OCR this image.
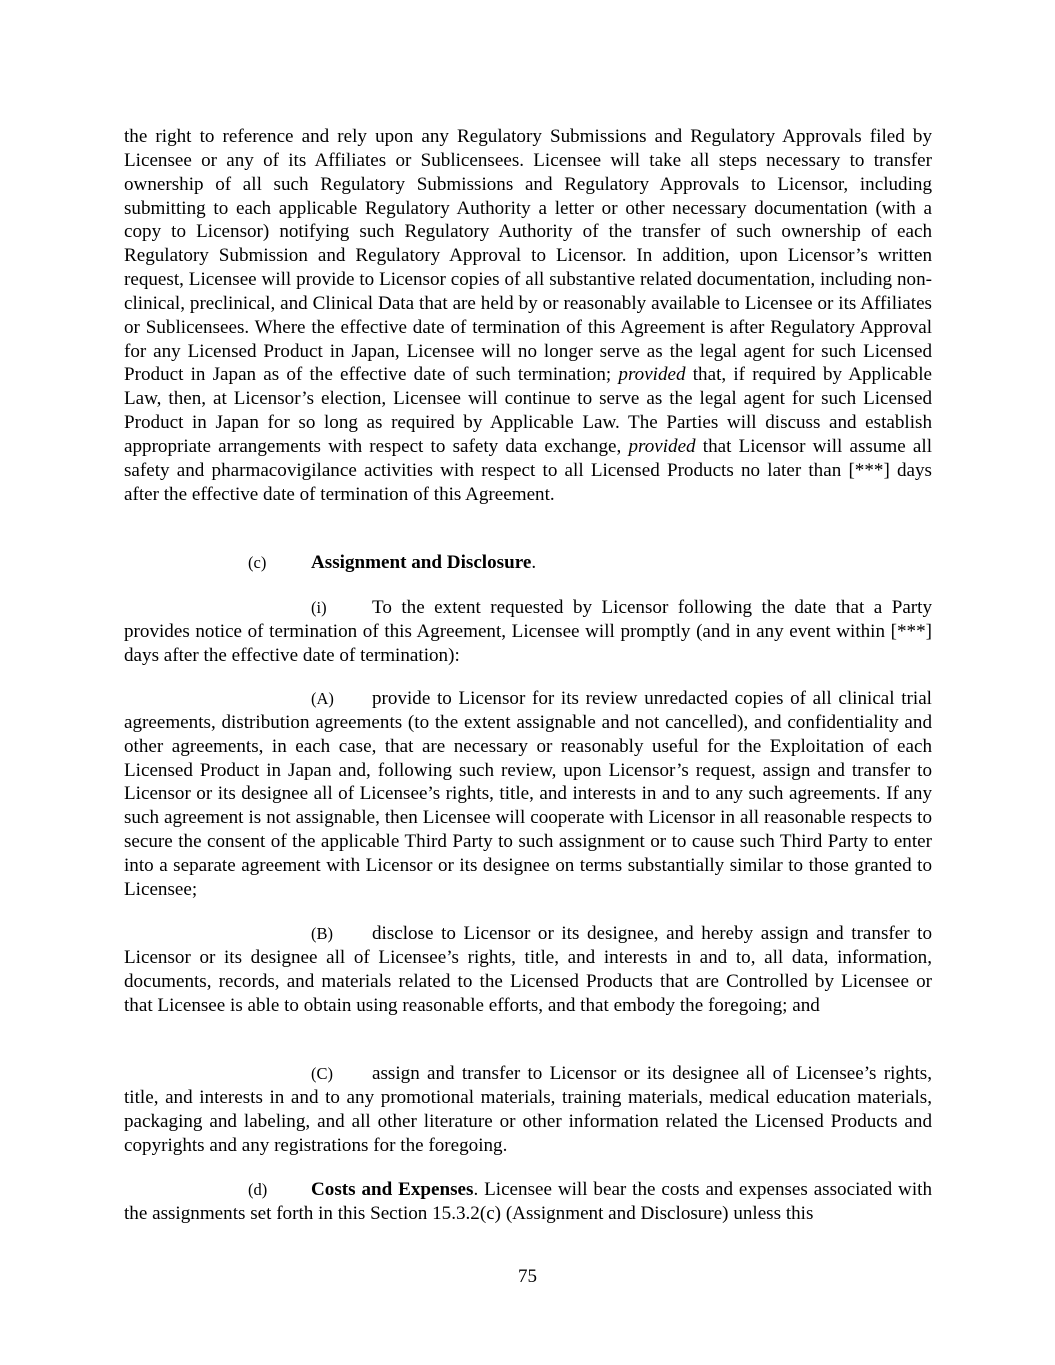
the right to reference and rely upon any Regulatory Submissions and Regulatory Approvals filed by Licensee or any of its Affiliates or Sublicensees. Licensee will take all steps necessary to transfer ownership of all such Regulatory Submissions and Regulatory Approvals to Licensor, including submitting to each applicable Regulatory Authority a letter or other necessary documentation (with a copy to Licensor) notifying such Regulatory Authority of the transfer of such ownership of each Regulatory Submission and Regulatory Approval to Licensor. In addition, upon Licensor’s written request, Licensee will provide to Licensor copies of all substantive related documentation, including non-clinical, preclinical, and Clinical Data that are held by or reasonably available to Licensee or its Affiliates or Sublicensees. Where the effective date of termination of this Agreement is after Regulatory Approval for any Licensed Product in Japan, Licensee will no longer serve as the legal agent for such Licensed Product in Japan as of the effective date of such termination; provided that, if required by Applicable Law, then, at Licensor’s election, Licensee will continue to serve as the legal agent for such Licensed Product in Japan for so long as required by Applicable Law. The Parties will discuss and establish appropriate arrangements with respect to safety data exchange, provided that Licensor will assume all safety and pharmacovigilance activities with respect to all Licensed Products no later than [***] days after the effective date of termination of this Agreement.

(c) Assignment and Disclosure.

(i) To the extent requested by Licensor following the date that a Party provides notice of termination of this Agreement, Licensee will promptly (and in any event within [***] days after the effective date of termination):

(A) provide to Licensor for its review unredacted copies of all clinical trial agreements, distribution agreements (to the extent assignable and not cancelled), and confidentiality and other agreements, in each case, that are necessary or reasonably useful for the Exploitation of each Licensed Product in Japan and, following such review, upon Licensor’s request, assign and transfer to Licensor or its designee all of Licensee’s rights, title, and interests in and to any such agreements. If any such agreement is not assignable, then Licensee will cooperate with Licensor in all reasonable respects to secure the consent of the applicable Third Party to such assignment or to cause such Third Party to enter into a separate agreement with Licensor or its designee on terms substantially similar to those granted to Licensee;

(B) disclose to Licensor or its designee, and hereby assign and transfer to Licensor or its designee all of Licensee’s rights, title, and interests in and to, all data, information, documents, records, and materials related to the Licensed Products that are Controlled by Licensee or that Licensee is able to obtain using reasonable efforts, and that embody the foregoing; and

(C) assign and transfer to Licensor or its designee all of Licensee’s rights, title, and interests in and to any promotional materials, training materials, medical education materials, packaging and labeling, and all other literature or other information related the Licensed Products and copyrights and any registrations for the foregoing.

(d) Costs and Expenses. Licensee will bear the costs and expenses associated with the assignments set forth in this Section 15.3.2(c) (Assignment and Disclosure) unless this

75
